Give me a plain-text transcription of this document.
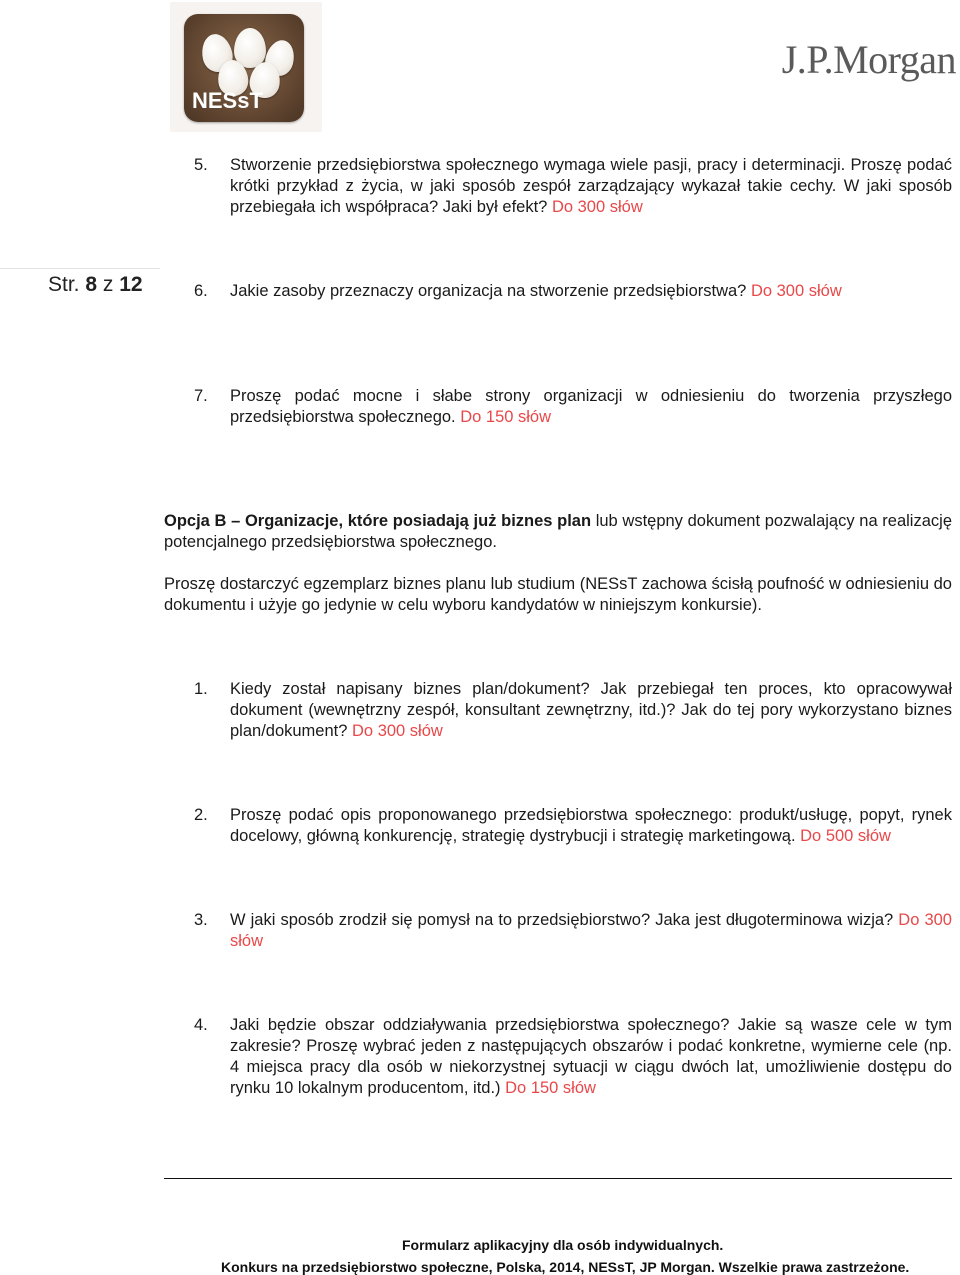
NESsT
J.P.Morgan
Str. 8 z 12
5. Stworzenie przedsiębiorstwa społecznego wymaga wiele pasji, pracy i determinacji. Proszę podać krótki przykład z życia, w jaki sposób zespół zarządzający wykazał takie cechy. W jaki sposób przebiegała ich współpraca? Jaki był efekt? Do 300 słów
6. Jakie zasoby przeznaczy organizacja na stworzenie przedsiębiorstwa? Do 300 słów
7. Proszę podać mocne i słabe strony organizacji w odniesieniu do tworzenia przyszłego przedsiębiorstwa społecznego. Do 150 słów
Opcja B – Organizacje, które posiadają już biznes plan lub wstępny dokument pozwalający na realizację potencjalnego przedsiębiorstwa społecznego.
Proszę dostarczyć egzemplarz biznes planu lub studium (NESsT zachowa ścisłą poufność w odniesieniu do dokumentu i użyje go jedynie w celu wyboru kandydatów w niniejszym konkursie).
1. Kiedy został napisany biznes plan/dokument? Jak przebiegał ten proces, kto opracowywał dokument (wewnętrzny zespół, konsultant zewnętrzny, itd.)? Jak do tej pory wykorzystano biznes plan/dokument? Do 300 słów
2. Proszę podać opis proponowanego przedsiębiorstwa społecznego: produkt/usługę, popyt, rynek docelowy, główną konkurencję, strategię dystrybucji i strategię marketingową. Do 500 słów
3. W jaki sposób zrodził się pomysł na to przedsiębiorstwo? Jaka jest długoterminowa wizja? Do 300 słów
4. Jaki będzie obszar oddziaływania przedsiębiorstwa społecznego? Jakie są wasze cele w tym zakresie? Proszę wybrać jeden z następujących obszarów i podać konkretne, wymierne cele (np. 4 miejsca pracy dla osób w niekorzystnej sytuacji w ciągu dwóch lat, umożliwienie dostępu do rynku 10 lokalnym producentom, itd.) Do 150 słów
Formularz aplikacyjny dla osób indywidualnych.
Konkurs na przedsiębiorstwo społeczne, Polska, 2014, NESsT, JP Morgan. Wszelkie prawa zastrzeżone.
